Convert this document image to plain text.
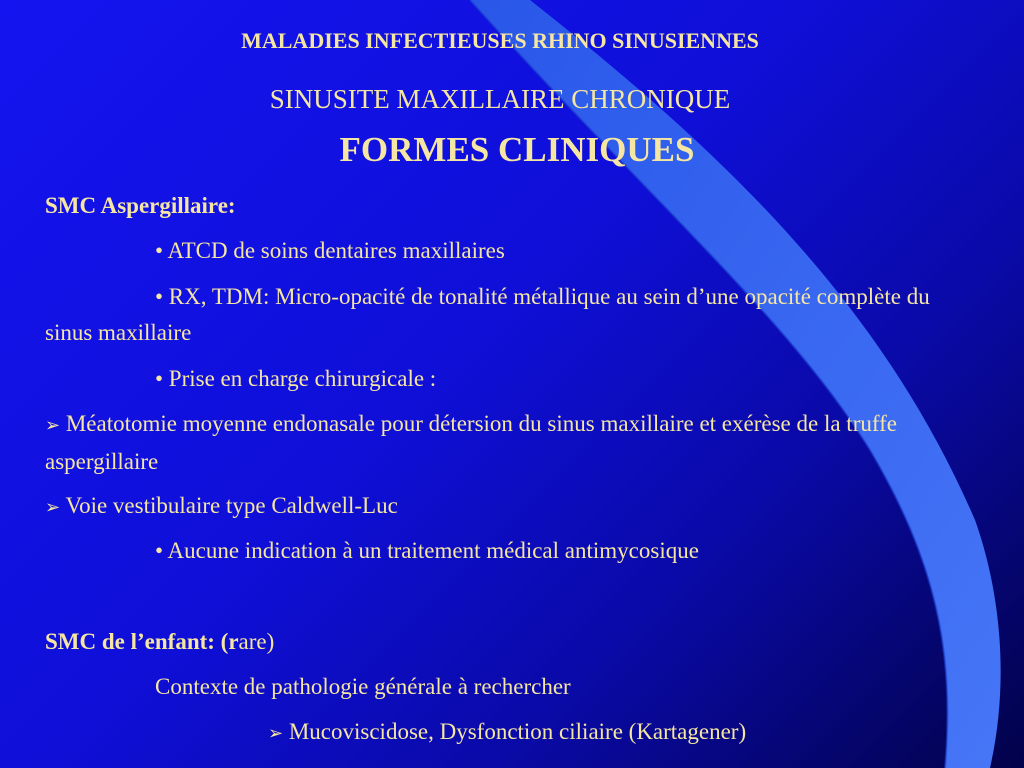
MALADIES INFECTIEUSES RHINO SINUSIENNES
SINUSITE MAXILLAIRE CHRONIQUE
FORMES CLINIQUES
SMC Aspergillaire:
• ATCD de soins dentaires maxillaires
• RX, TDM: Micro-opacité de tonalité métallique au sein d’une opacité complète du sinus maxillaire
• Prise en charge chirurgicale :
➢ Méatotomie moyenne endonasale pour détersion du sinus maxillaire et exérèse de la truffe aspergillaire
➢ Voie vestibulaire type Caldwell-Luc
• Aucune indication à un traitement médical antimycosique
SMC de l’enfant: (rare)
Contexte de pathologie générale à rechercher
➢ Mucoviscidose, Dysfonction ciliaire (Kartagener)
